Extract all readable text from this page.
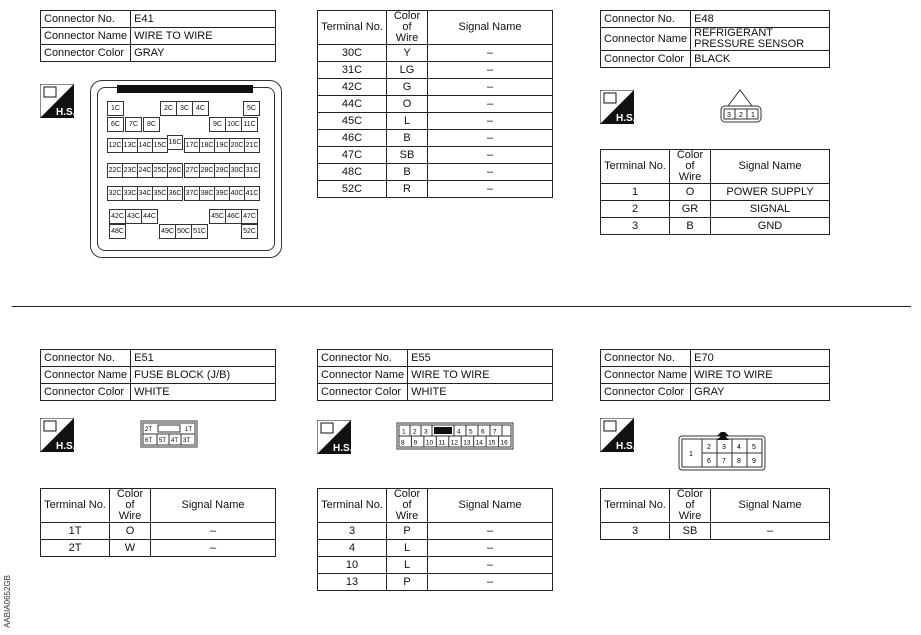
AABIA0652GB
Connector No.	E41
Connector Name	WIRE TO WIRE
Connector Color	GRAY
H.S.	1C	2C	3C	4C	5C
6C	7C	8C	9C 10C 11C
12C 13C 14C 15C 16C 17C 18C 19C 20C 21C
22C 23C 24C 25C 26C 27C 28C 29C 30C 31C
32C 33C 34C 35C 36C 37C 38C 39C 40C 41C
42C 43C 44C	45C 46C 47C
48C	49C 50C 51C	52C
Terminal No.	Color of Wire	Signal Name
30C	Y	–
31C	LG	–
42C	G	–
44C	O	–
45C	L	–
46C	B	–
47C	SB	–
48C	B	–
52C	R	–
Connector No.	E48
Connector Name	REFRIGERANT PRESSURE SENSOR
Connector Color	BLACK
H.S.	3 2 1
Terminal No.	Color of Wire	Signal Name
1	O	POWER SUPPLY
2	GR	SIGNAL
3	B	GND
Connector No.	E51
Connector Name	FUSE BLOCK (J/B)
Connector Color	WHITE
H.S.
2T	1T
6T 5T 4T 3T
Terminal No.	Color of Wire	Signal Name
1T	O	–
2T	W	–
Connector No.	E55
Connector Name	WIRE TO WIRE
Connector Color	WHITE
H.S.
1 2 3	4 5 6 7
8 9 10 11 12 13 14 15 16
Terminal No.	Color of Wire	Signal Name
3	P	–
4	L	–
10	L	–
13	P	–
Connector No.	E70
Connector Name	WIRE TO WIRE
Connector Color	GRAY
H.S.
1
2 3 4 5
6 7 8 9
Terminal No.	Color of Wire	Signal Name
3	SB	–
